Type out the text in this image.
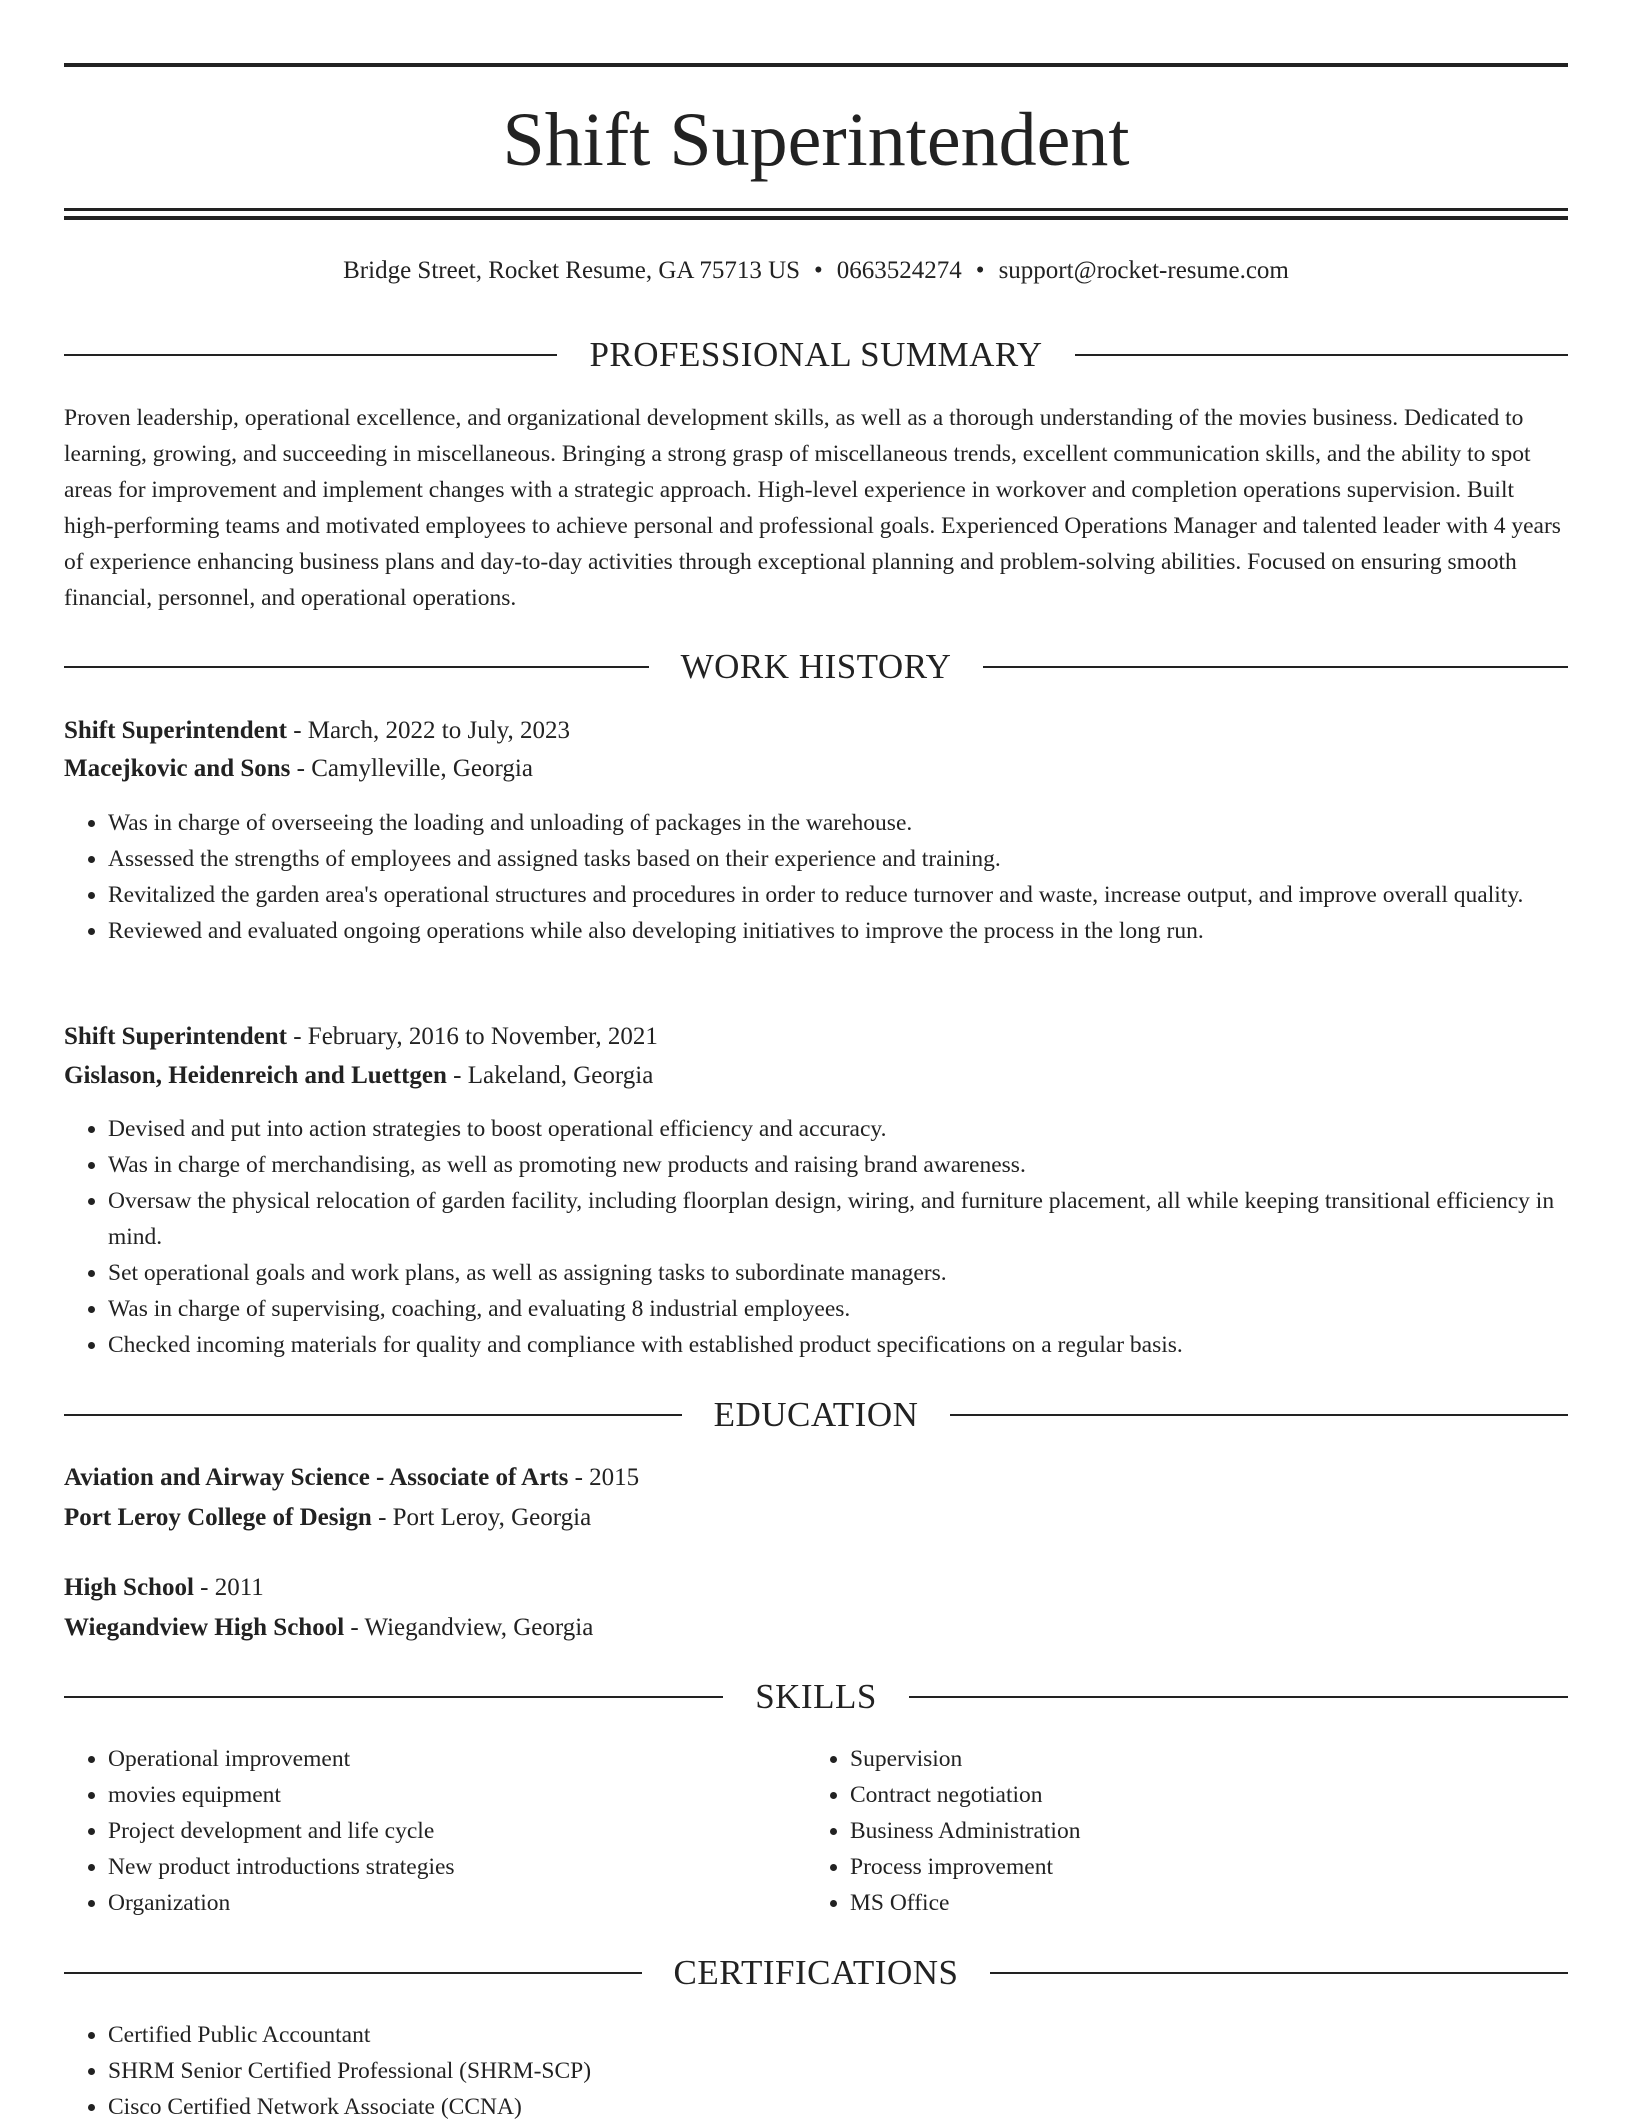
Shift Superintendent
Bridge Street, Rocket Resume, GA 75713 US • 0663524274 • support@rocket-resume.com
PROFESSIONAL SUMMARY

Proven leadership, operational excellence, and organizational development skills, as well as a thorough understanding of the movies business. Dedicated to learning, growing, and succeeding in miscellaneous. Bringing a strong grasp of miscellaneous trends, excellent communication skills, and the ability to spot areas for improvement and implement changes with a strategic approach. High-level experience in workover and completion operations supervision. Built high-performing teams and motivated employees to achieve personal and professional goals. Experienced Operations Manager and talented leader with 4 years of experience enhancing business plans and day-to-day activities through exceptional planning and problem-solving abilities. Focused on ensuring smooth financial, personnel, and operational operations.

WORK HISTORY
Shift Superintendent - March, 2022 to July, 2023
Macejkovic and Sons - Camylleville, Georgia
• Was in charge of overseeing the loading and unloading of packages in the warehouse.
• Assessed the strengths of employees and assigned tasks based on their experience and training.
• Revitalized the garden area's operational structures and procedures in order to reduce turnover and waste, increase output, and improve overall quality.
• Reviewed and evaluated ongoing operations while also developing initiatives to improve the process in the long run.
Shift Superintendent - February, 2016 to November, 2021
Gislason, Heidenreich and Luettgen - Lakeland, Georgia
• Devised and put into action strategies to boost operational efficiency and accuracy.
• Was in charge of merchandising, as well as promoting new products and raising brand awareness.
• Oversaw the physical relocation of garden facility, including floorplan design, wiring, and furniture placement, all while keeping transitional efficiency in mind.
• Set operational goals and work plans, as well as assigning tasks to subordinate managers.
• Was in charge of supervising, coaching, and evaluating 8 industrial employees.
• Checked incoming materials for quality and compliance with established product specifications on a regular basis.
EDUCATION
Aviation and Airway Science - Associate of Arts - 2015
Port Leroy College of Design - Port Leroy, Georgia
High School - 2011
Wiegandview High School - Wiegandview, Georgia
SKILLS
• Operational improvement
• movies equipment
• Project development and life cycle
• New product introductions strategies
• Organization
• Supervision
• Contract negotiation
• Business Administration
• Process improvement
• MS Office
CERTIFICATIONS
• Certified Public Accountant
• SHRM Senior Certified Professional (SHRM-SCP)
• Cisco Certified Network Associate (CCNA)
